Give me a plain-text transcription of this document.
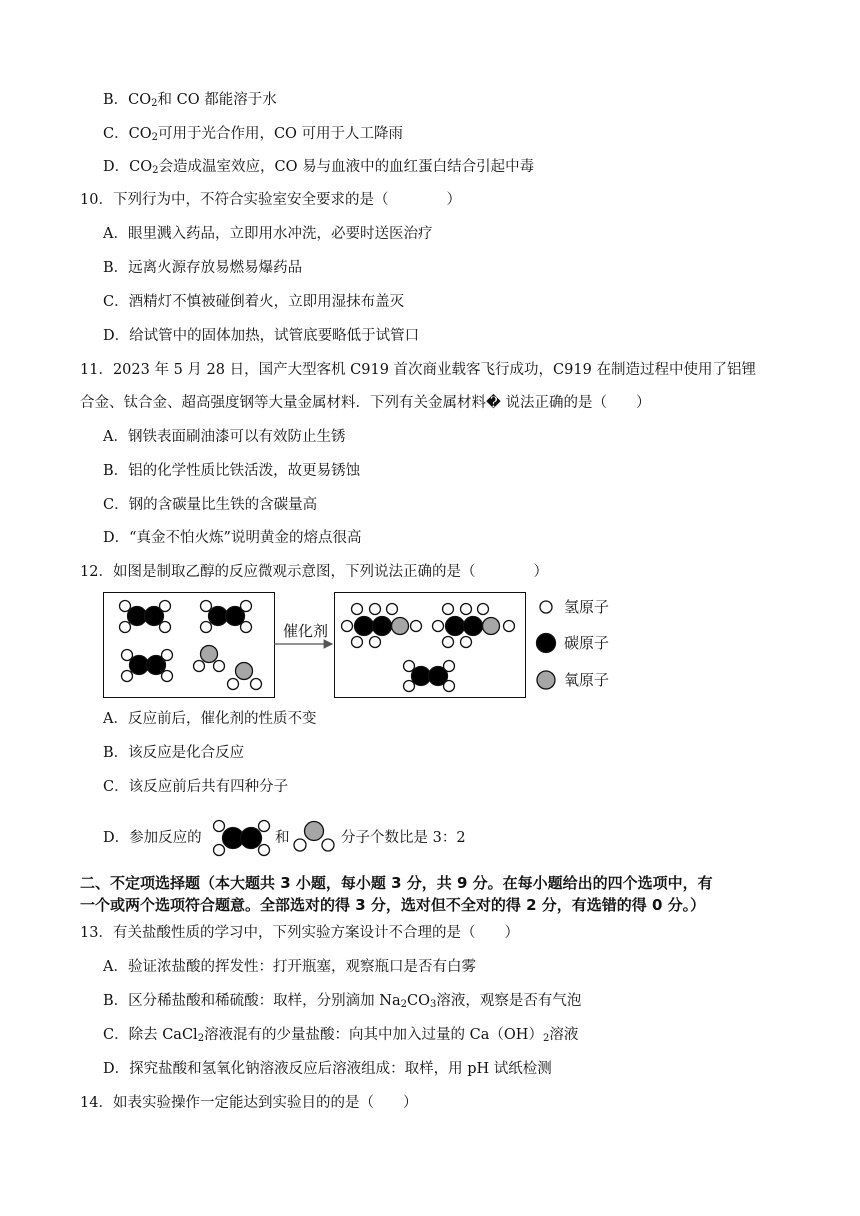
B．$CO_2$和 CO 都能溶于水
C．$CO_2$可用于光合作用，CO 可用于人工降雨
D．$CO_2$会造成温室效应，CO 易与血液中的血红蛋白结合引起中毒
10．下列行为中，不符合实验室安全要求的是（　　　　）
A．眼里溅入药品，立即用水冲洗，必要时送医治疗
B．远离火源存放易燃易爆药品
C．酒精灯不慎被碰倒着火，立即用湿抹布盖灭
D．给试管中的固体加热，试管底要略低于试管口
11．2023 年 5 月 28 日，国产大型客机 C919 首次商业载客飞行成功，C919 在制造过程中使用了铝锂
合金、钛合金、超高强度钢等大量金属材料．下列有关金属材料� 说法正确的是（　　）
A．钢铁表面刷油漆可以有效防止生锈
B．铝的化学性质比铁活泼，故更易锈蚀
C．钢的含碳量比生铁的含碳量高
D．“真金不怕火炼”说明黄金的熔点很高
12．如图是制取乙醇的反应微观示意图，下列说法正确的是（　　　　）
催化剂
氢原子
碳原子
氧原子
A．反应前后，催化剂的性质不变
B．该反应是化合反应
C．该反应前后共有四种分子
D．参加反应的	和	分子个数比是 3：2
二、不定项选择题（本大题共 3 小题，每小题 3 分，共 9 分。在每小题给出的四个选项中，有
一个或两个选项符合题意。全部选对的得 3 分，选对但不全对的得 2 分，有选错的得 0 分。）
13．有关盐酸性质的学习中，下列实验方案设计不合理的是（　　）
A．验证浓盐酸的挥发性：打开瓶塞，观察瓶口是否有白雾
B．区分稀盐酸和稀硫酸：取样，分别滴加 $Na_2CO_3$溶液，观察是否有气泡
C．除去 CaCl$_2$溶液混有的少量盐酸：向其中加入过量的 $Ca(OH)_2$溶液
D．探究盐酸和氢氧化钠溶液反应后溶液组成：取样，用 pH 试纸检测
14．如表实验操作一定能达到实验目的的是（　　）
